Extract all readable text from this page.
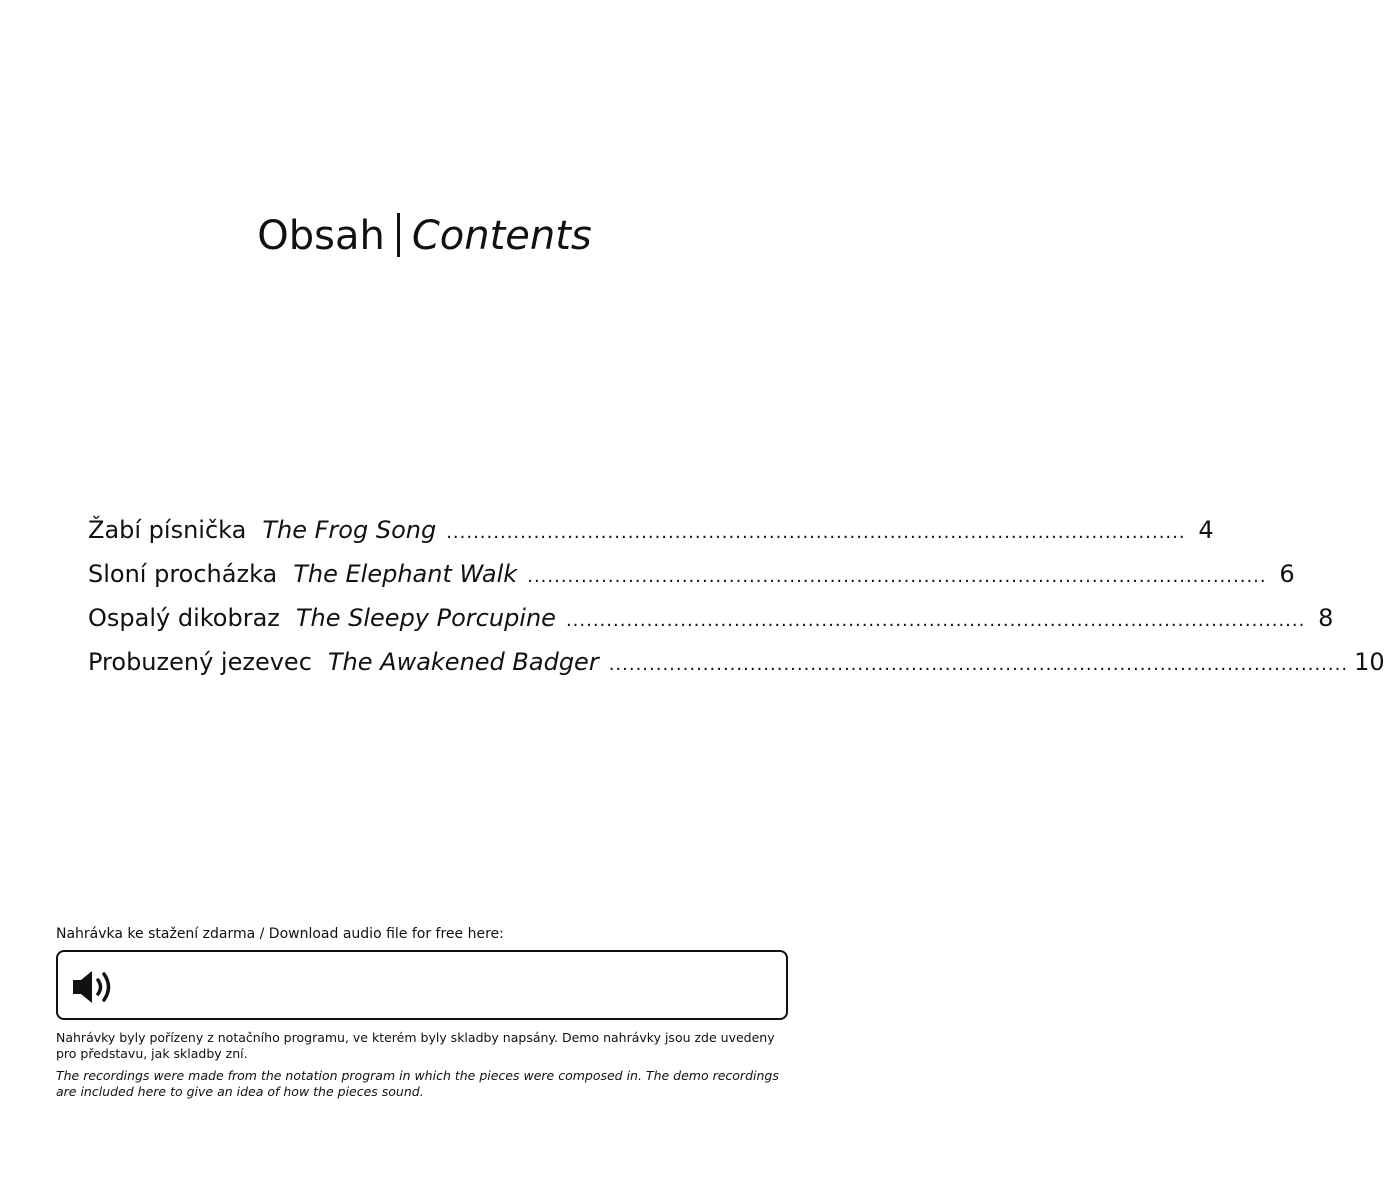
Obsah Contents
Žabí písnička The Frog Song .............................................................................................................. 4
Sloní procházka The Elephant Walk .............................................................................................................. 6
Ospalý dikobraz The Sleepy Porcupine .............................................................................................................. 8
Probuzený jezevec The Awakened Badger .............................................................................................................. 10
Nahrávka ke stažení zdarma / Download audio file for free here:
Nahrávky byly pořízeny z notačního programu, ve kterém byly skladby napsány. Demo nahrávky jsou zde uvedeny pro představu, jak skladby zní.
The recordings were made from the notation program in which the pieces were composed in. The demo recordings are included here to give an idea of how the pieces sound.
